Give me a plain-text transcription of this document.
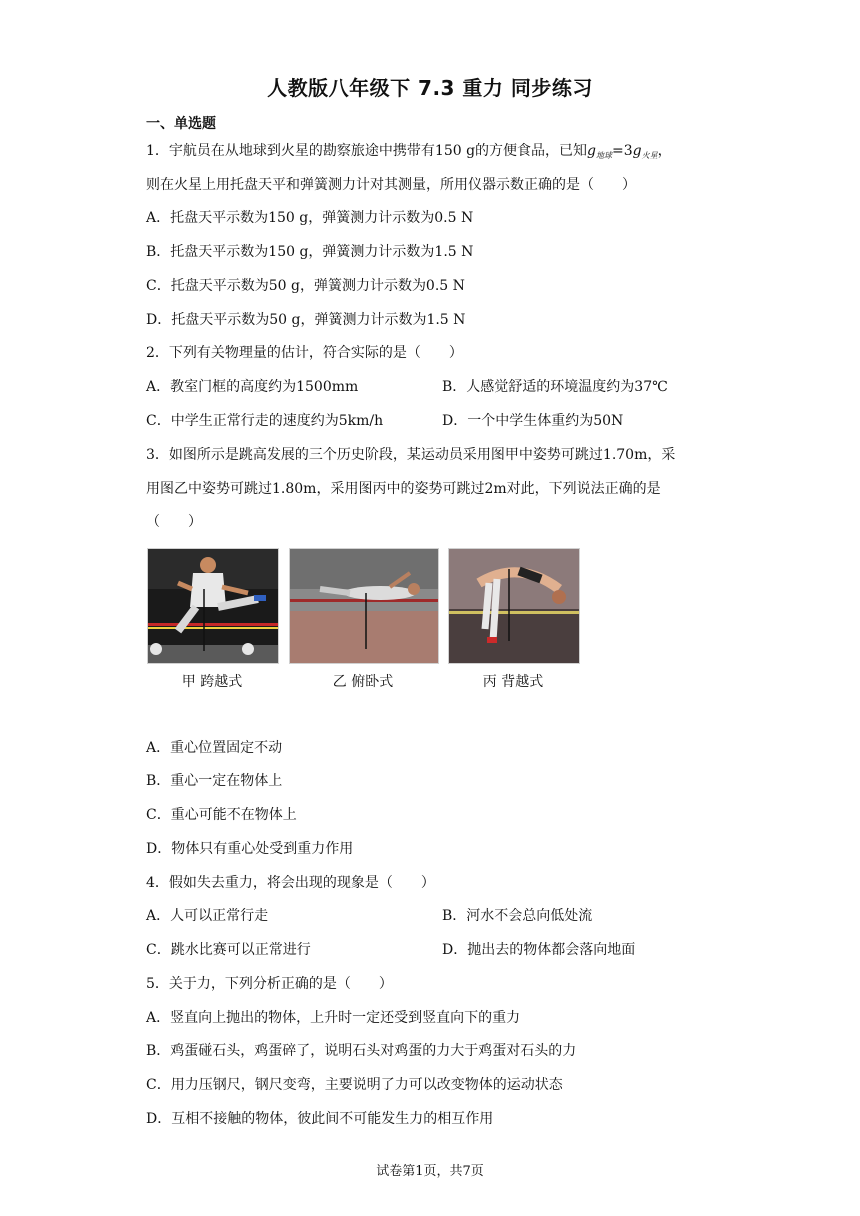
人教版八年级下 7.3 重力 同步练习
一、单选题
1．宇航员在从地球到火星的勘察旅途中携带有150 g的方便食品，已知$g_{地球}=3g_{火星}$，
则在火星上用托盘天平和弹簧测力计对其测量，所用仪器示数正确的是（　　）
A．托盘天平示数为150 g，弹簧测力计示数为0.5 N
B．托盘天平示数为150 g，弹簧测力计示数为1.5 N
C．托盘天平示数为50 g，弹簧测力计示数为0.5 N
D．托盘天平示数为50 g，弹簧测力计示数为1.5 N
2．下列有关物理量的估计，符合实际的是（　　）
A．教室门框的高度约为1500mm	B．人感觉舒适的环境温度约为37℃
C．中学生正常行走的速度约为5km/h	D．一个中学生体重约为50N
3．如图所示是跳高发展的三个历史阶段，某运动员采用图甲中姿势可跳过1.70m，采
用图乙中姿势可跳过1.80m，采用图丙中的姿势可跳过2m对此，下列说法正确的是
（　　）
甲 跨越式	乙 俯卧式	丙 背越式
A．重心位置固定不动
B．重心一定在物体上
C．重心可能不在物体上
D．物体只有重心处受到重力作用
4．假如失去重力，将会出现的现象是（　　）
A．人可以正常行走	B．河水不会总向低处流
C．跳水比赛可以正常进行	D．抛出去的物体都会落向地面
5．关于力，下列分析正确的是（　　）
A．竖直向上抛出的物体，上升时一定还受到竖直向下的重力
B．鸡蛋碰石头，鸡蛋碎了，说明石头对鸡蛋的力大于鸡蛋对石头的力
C．用力压钢尺，钢尺变弯，主要说明了力可以改变物体的运动状态
D．互相不接触的物体，彼此间不可能发生力的相互作用
试卷第1页，共7页
